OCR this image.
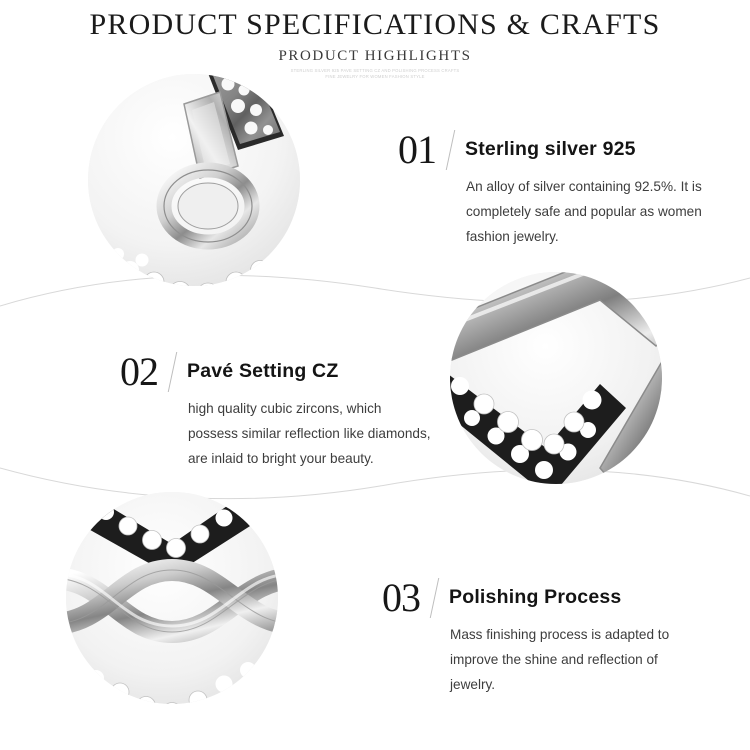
PRODUCT SPECIFICATIONS & CRAFTS
PRODUCT HIGHLIGHTS
STERLING SILVER 925 PAVE SETTING CZ AND POLISHING PROCESS CRAFTS
FINE JEWELRY FOR WOMEN FASHION STYLE
01	Sterling silver 925
An alloy of silver containing 92.5%. It is completely safe and popular as women fashion jewelry.
02	Pavé Setting CZ
high quality cubic zircons, which possess similar reflection like diamonds, are inlaid to bright your beauty.
03	Polishing Process
Mass finishing process is adapted to improve the shine and reflection of jewelry.
